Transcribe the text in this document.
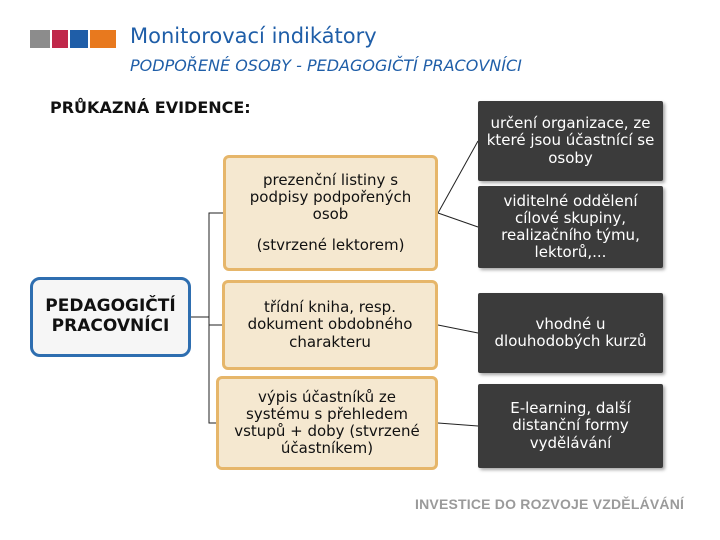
Monitorovací indikátory
PODPOŘENÉ OSOBY - PEDAGOGIČTÍ PRACOVNÍCI
PRŮKAZNÁ EVIDENCE:
PEDAGOGIČTÍ PRACOVNÍCI
prezenční listiny s podpisy podpořených osob
(stvrzené lektorem)
třídní kniha, resp. dokument obdobného charakteru
výpis účastníků ze systému s přehledem vstupů + doby (stvrzené účastníkem)
určení organizace, ze které jsou účastnící se osoby
viditelné oddělení cílové skupiny, realizačního týmu, lektorů,...
vhodné u dlouhodobých kurzů
E-learning, další distanční formy vydělávání
INVESTICE DO ROZVOJE VZDĚLÁVÁNÍ
